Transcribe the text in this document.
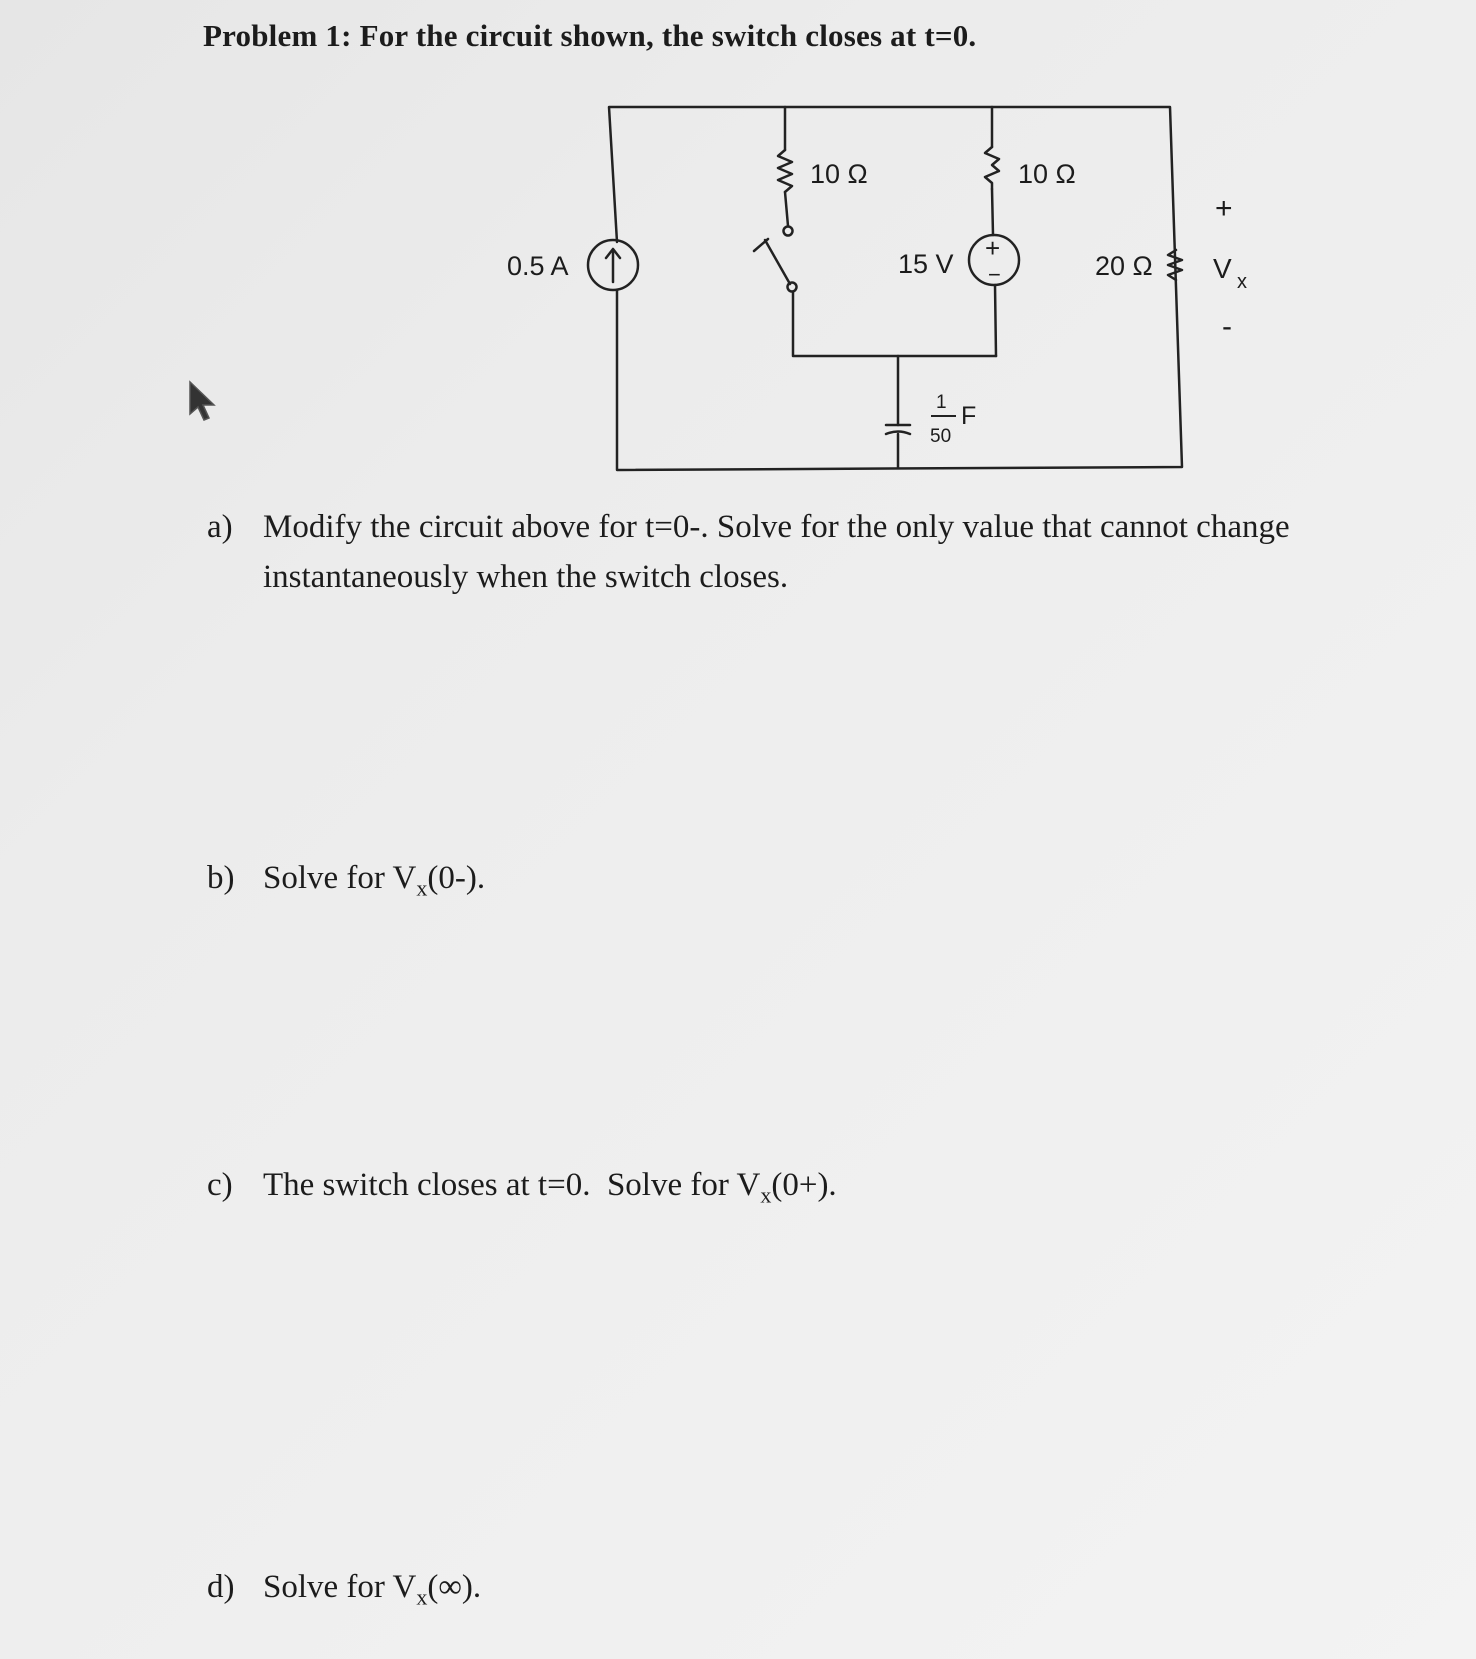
Problem 1: For the circuit shown, the switch closes at t=0.
0.5 A
10 Ω	10 Ω
15 V
+
−	20 Ω
+
V x
-
1
50
F
a) Modify the circuit above for t=0-. Solve for the only value that cannot change
instantaneously when the switch closes.
b) Solve for $V_x(0-)$.
c) The switch closes at t=0.  Solve for $V_x(0+)$.
d) Solve for $V_x(\infty)$.
